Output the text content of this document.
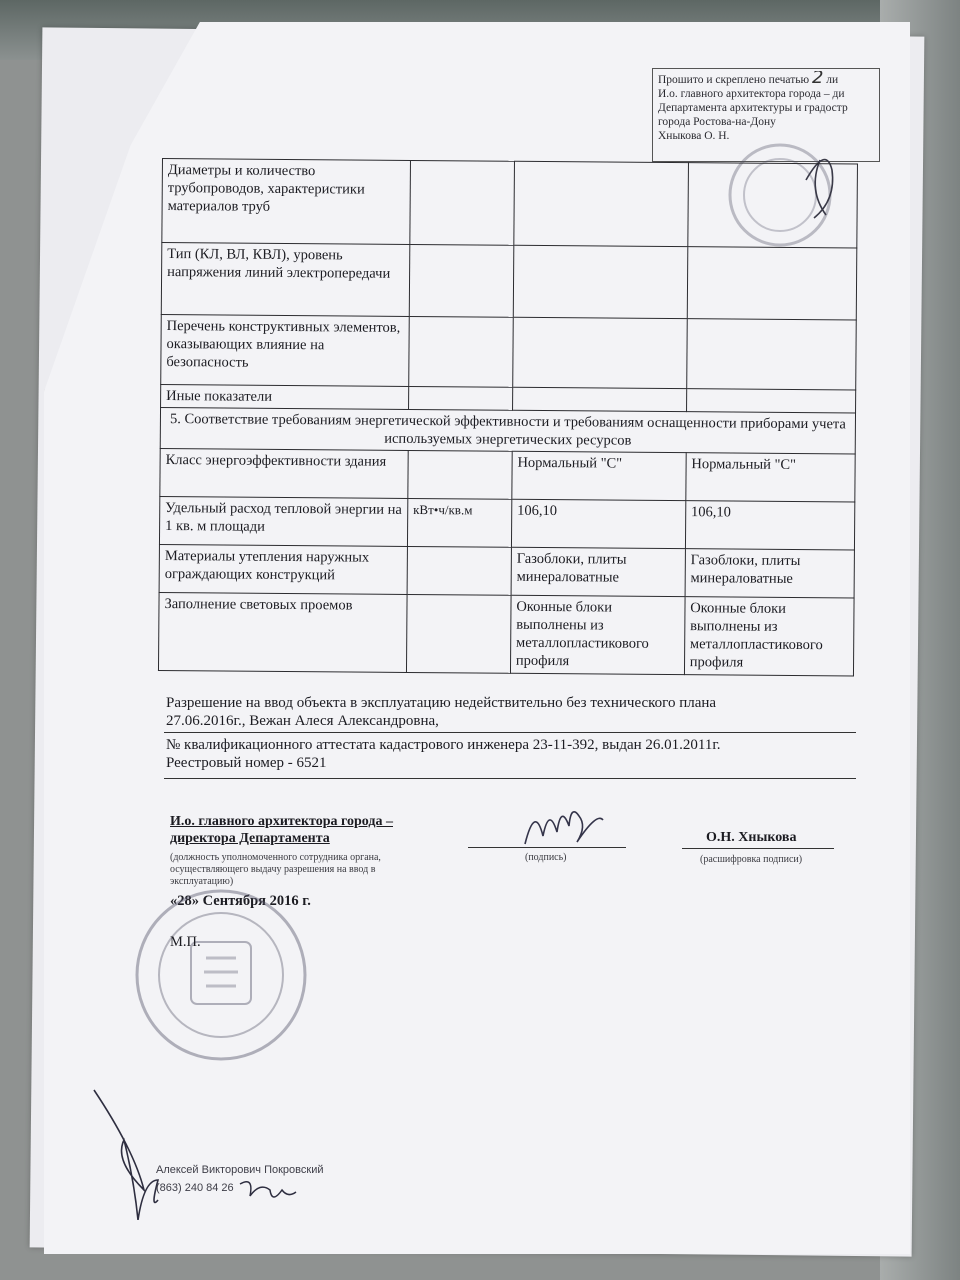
Прошито и скреплено печатью 2 ли
И.о. главного архитектора города – ди
Департамента архитектуры и градостр
города Ростова-на-Дону
Хныкова О. Н.
Диаметры и количество трубопроводов, характеристики материалов труб			
Тип (КЛ, ВЛ, КВЛ), уровень напряжения линий электропередачи			
Перечень конструктивных элементов, оказывающих влияние на безопасность			
Иные показатели			
5. Соответствие требованиям энергетической эффективности и требованиям оснащенности приборами учета используемых энергетических ресурсов			
Класс энергоэффективности здания		Нормальный "С"	Нормальный "С"
Удельный расход тепловой энергии на 1 кв. м площади	кВт•ч/кв.м	106,10	106,10
Материалы утепления наружных ограждающих конструкций		Газоблоки, плиты минераловатные	Газоблоки, плиты минераловатные
Заполнение световых проемов		Оконные блоки выполнены из металлопластикового профиля	Оконные блоки выполнены из металлопластикового профиля
Разрешение на ввод объекта в эксплуатацию недействительно без технического плана
27.06.2016г., Вежан Алеся Александровна,
№ квалификационного аттестата кадастрового инженера 23-11-392, выдан 26.01.2011г.
Реестровый номер - 6521
И.о. главного архитектора города –
директора Департамента
(должность уполномоченного сотрудника органа, осуществляющего выдачу разрешения на ввод в эксплуатацию)
(подпись)
О.Н. Хныкова
(расшифровка подписи)
«28» Сентября 2016 г.
М.П.
Алексей Викторович Покровский
(863) 240 84 26
